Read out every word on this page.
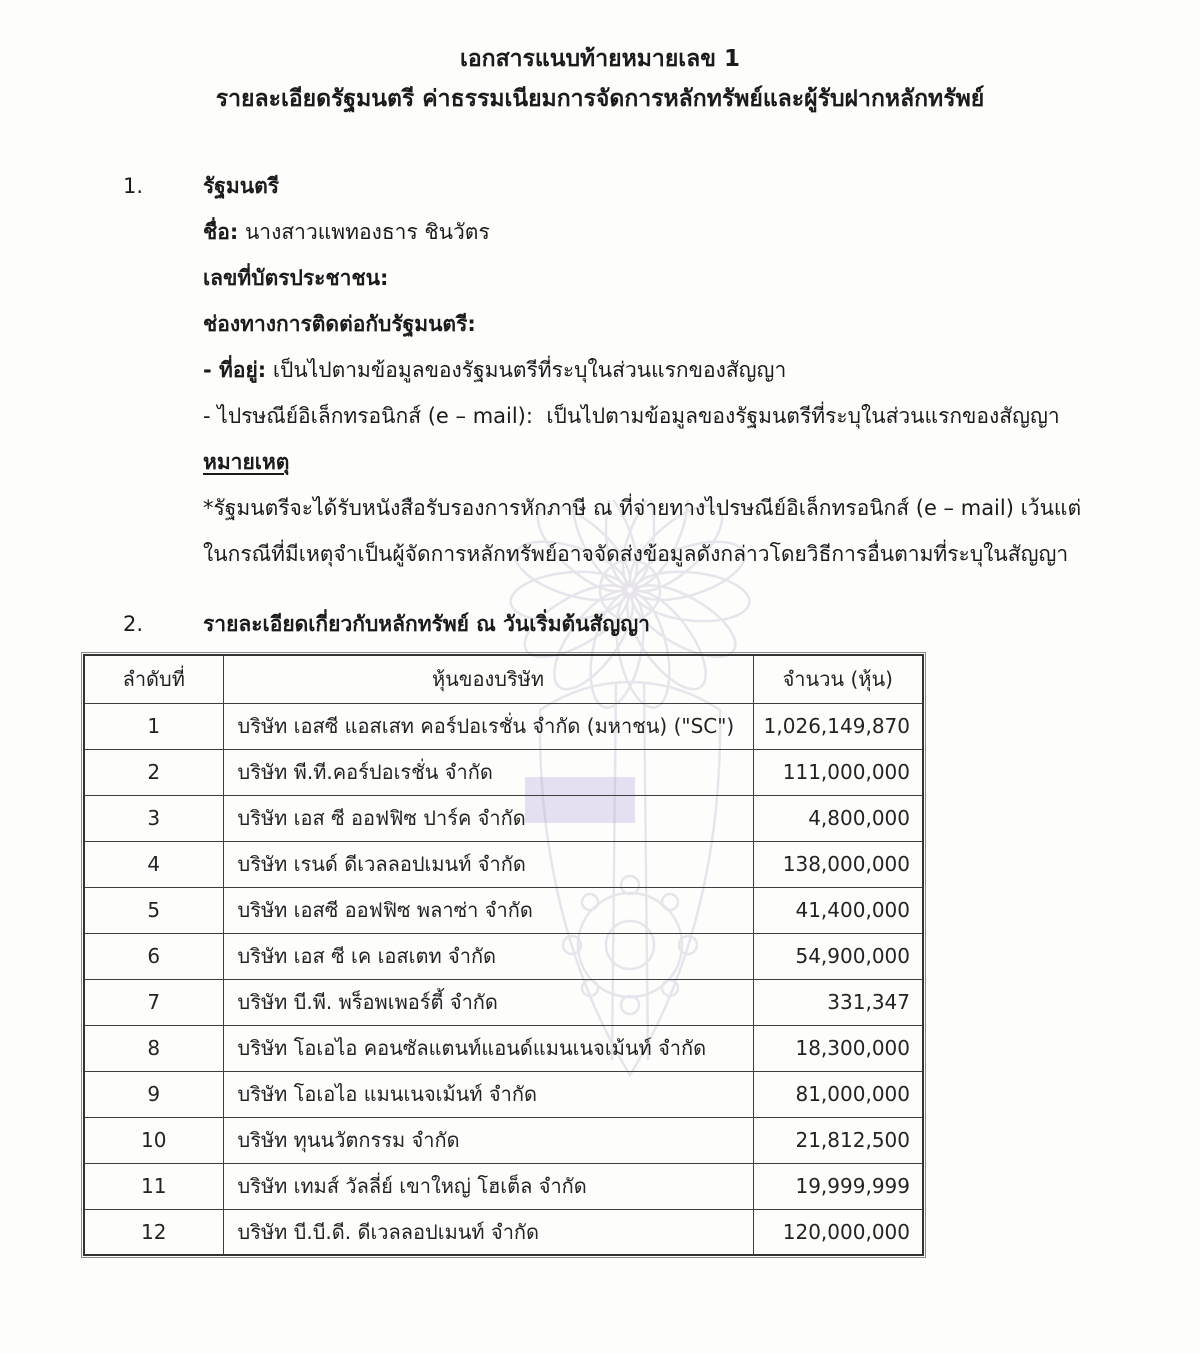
เอกสารแนบท้ายหมายเลข 1
รายละเอียดรัฐมนตรี ค่าธรรมเนียมการจัดการหลักทรัพย์และผู้รับฝากหลักทรัพย์
1.	รัฐมนตรี
ชื่อ: นางสาวแพทองธาร ชินวัตร
เลขที่บัตรประชาชน:
ช่องทางการติดต่อกับรัฐมนตรี:
- ที่อยู่: เป็นไปตามข้อมูลของรัฐมนตรีที่ระบุในส่วนแรกของสัญญา
- ไปรษณีย์อิเล็กทรอนิกส์ (e – mail): เป็นไปตามข้อมูลของรัฐมนตรีที่ระบุในส่วนแรกของสัญญา
หมายเหตุ
*รัฐมนตรีจะได้รับหนังสือรับรองการหักภาษี ณ ที่จ่ายทางไปรษณีย์อิเล็กทรอนิกส์ (e – mail) เว้นแต่
ในกรณีที่มีเหตุจำเป็นผู้จัดการหลักทรัพย์อาจจัดส่งข้อมูลดังกล่าวโดยวิธีการอื่นตามที่ระบุในสัญญา
2.	รายละเอียดเกี่ยวกับหลักทรัพย์ ณ วันเริ่มต้นสัญญา
ลำดับที่	หุ้นของบริษัท	จำนวน (หุ้น)
1	บริษัท เอสซี แอสเสท คอร์ปอเรชั่น จำกัด (มหาชน) ("SC")	1,026,149,870
2	บริษัท พี.ที.คอร์ปอเรชั่น จำกัด	111,000,000
3	บริษัท เอส ซี ออฟฟิซ ปาร์ค จำกัด	4,800,000
4	บริษัท เรนด์ ดีเวลลอปเมนท์ จำกัด	138,000,000
5	บริษัท เอสซี ออฟฟิซ พลาซ่า จำกัด	41,400,000
6	บริษัท เอส ซี เค เอสเตท จำกัด	54,900,000
7	บริษัท บี.พี. พร็อพเพอร์ตี้ จำกัด	331,347
8	บริษัท โอเอไอ คอนซัลแตนท์แอนด์แมนเนจเม้นท์ จำกัด	18,300,000
9	บริษัท โอเอไอ แมนเนจเม้นท์ จำกัด	81,000,000
10	บริษัท ทุนนวัตกรรม จำกัด	21,812,500
11	บริษัท เทมส์ วัลลี่ย์ เขาใหญ่ โฮเต็ล จำกัด	19,999,999
12	บริษัท บี.บี.ดี. ดีเวลลอปเมนท์ จำกัด	120,000,000
